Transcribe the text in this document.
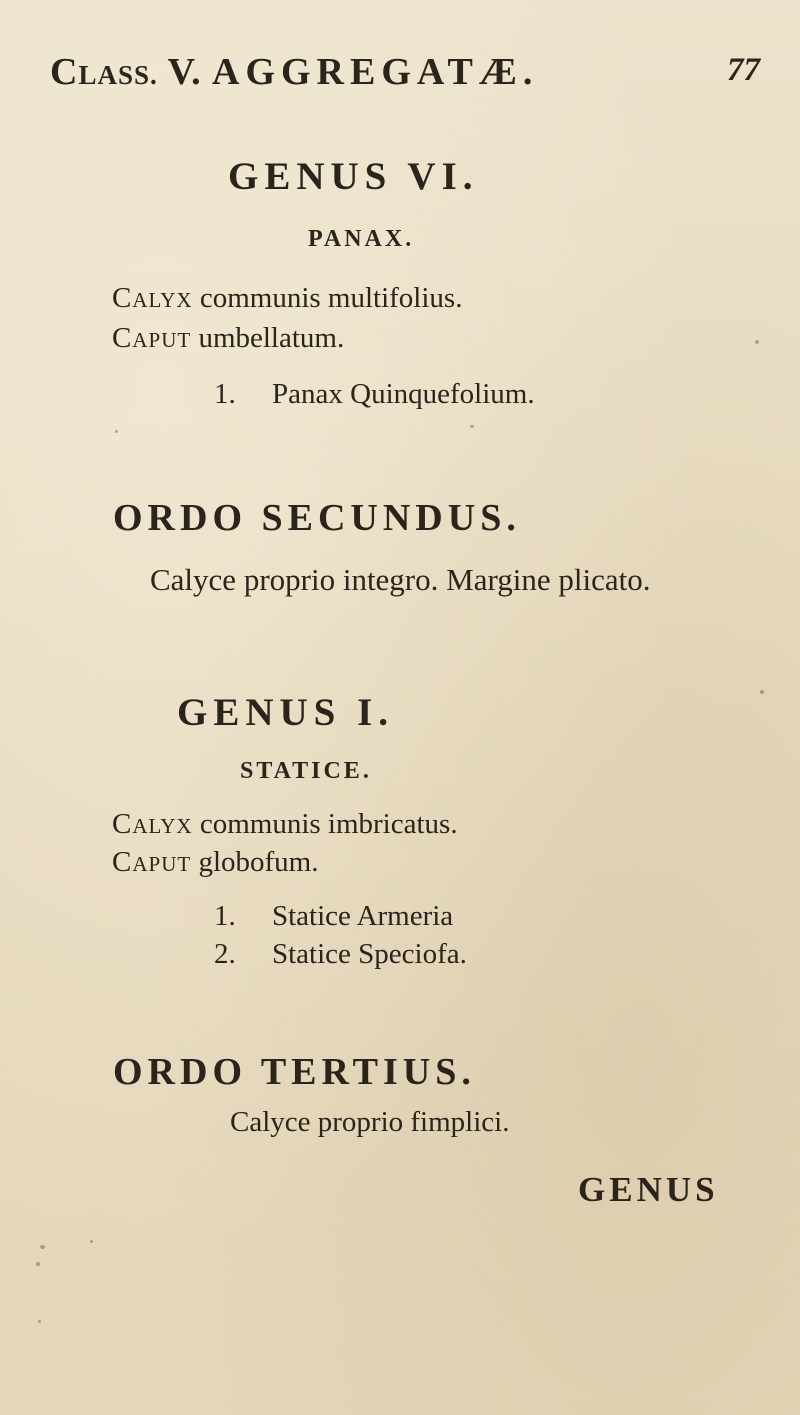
CLASS. V. AGGREGATÆ.	77
GENUS VI.
PANAX.
CALYX communis multifolius.
CAPUT umbellatum.
1. Panax Quinquefolium.
ORDO SECUNDUS.
Calyce proprio integro. Margine plicato.
GENUS I.
STATICE.
CALYX communis imbricatus.
CAPUT globofum.
1. Statice Armeria
2. Statice Speciofa.
ORDO TERTIUS.
Calyce proprio fimplici.
GENUS
